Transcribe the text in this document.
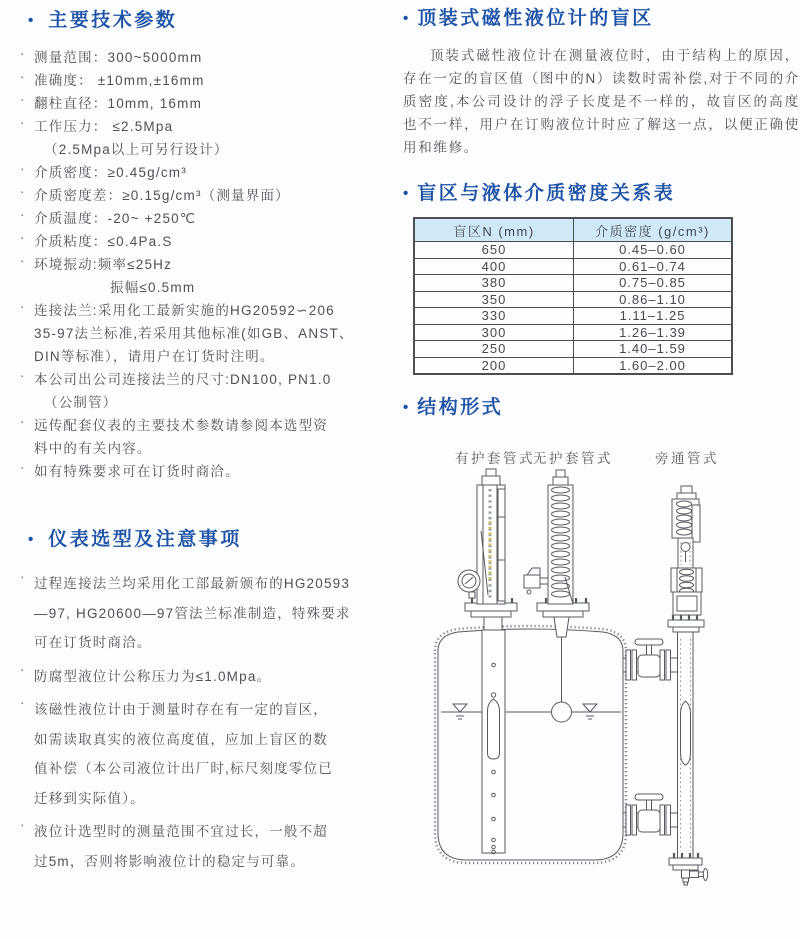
• 主要技术参数
· 测量范围：300~5000mm
· 准确度： ±10mm,±16mm
· 翻柱直径：10mm, 16mm
· 工作压力： ≤2.5Mpa
（2.5Mpa以上可另行设计）
· 介质密度：≥0.45g/cm³
· 介质密度差：≥0.15g/cm³（测量界面）
· 介质温度：-20~ +250℃
· 介质粘度：≤0.4Pa.S
· 环境振动:频率≤25Hz
振幅≤0.5mm
· 连接法兰:采用化工最新实施的HG20592∽206
35-97法兰标准,若采用其他标准(如GB、ANST、
DIN等标准），请用户在订货时注明。
· 本公司出公司连接法兰的尺寸:DN100, PN1.0
（公制管）
· 远传配套仪表的主要技术参数请参阅本选型资
料中的有关内容。
· 如有特殊要求可在订货时商洽。
• 仪表选型及注意事项
· 过程连接法兰均采用化工部最新颁布的HG20593
—97, HG20600—97管法兰标准制造，特殊要求
可在订货时商洽。
· 防腐型液位计公称压力为≤1.0Mpa。
· 该磁性液位计由于测量时存在有一定的盲区，
如需读取真实的液位高度值，应加上盲区的数
值补偿（本公司液位计出厂时,标尺刻度零位已
迁移到实际值）。
· 液位计选型时的测量范围不宜过长，一般不超
过5m，否则将影响液位计的稳定与可靠。
• 顶装式磁性液位计的盲区
顶装式磁性液位计在测量液位时，由于结构上的原因，存在一定的盲区值（图中的N）读数时需补偿,对于不同的介质密度,本公司设计的浮子长度是不一样的，故盲区的高度也不一样，用户在订购液位计时应了解这一点，以便正确使用和维修。
• 盲区与液体介质密度关系表
盲区N (mm)	介质密度 (g/cm³)
650	0.45–0.60
400	0.61–0.74
380	0.75–0.85
350	0.86–1.10
330	1.11–1.25
300	1.26–1.39
250	1.40–1.59
200	1.60–2.00
• 结构形式
有护套管式
无护套管式	旁通管式
